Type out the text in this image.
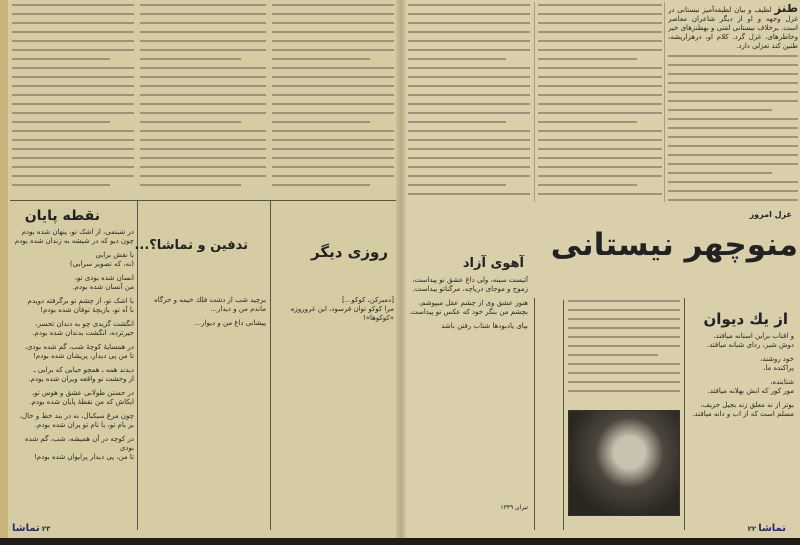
نقطه پایان
در شبتمی، از اشک تو، پنهان شده بودم
چون دیو که در شیشه به زندان شده بودم
با نقش برابی
(نه، که تصویر سرابی)
انسان شده بودی تو،
من آنسان شده بودم.
با اشک تو، از چشم تو برگرفته دویدم
با آه تو، بازیچهٔ توفان شده بودم!
انگشت گزیدی چو به دندان تحسر،
حیرتزده، انگشت بدندان شده بودم.
در همسایهٔ کوچهٔ شب، گم شده بودی،
تا من پی دیدار، پریشان شده بودم!
دیدند همه ـ همچو حبابی که برابی ـ
از وحشت تو واقعه ویران شده بودم.
در جستن طولانی عشق و هوس تو،
ایکاش که من نقطهٔ پایان شده بودم.
چون مرغ سبکبال، نه در بند خط و خال،
بر بام تو، با نام تو پران شده بودم.
در کوچه در آن همیشه، شب، گم شده بودی
تا من، پی دیدار پرایوان شده بودم!
تدفین و تماشا؟...
برچید شب از دشت فلك خیمه و خرگاه
ماندم من و دیدار...
پیشانی داغ من و دیوار...
روزی دیگر
[دمبرکن، کوکو...]
مرا کوکو توان فرسود، این غروروزه «کوکوها»!
۲۳تماشا

طنز لطیف و بیان لطیفه‌آمیز نیستانی در غزل وجهه و او از دیگر شاعران معاصر است. برخلاف نیستانی لفتی و بهطنزهای خیر وخاطرهای، غزل گرد. کلام او، درهزاریشه، طنین کند تعزلی دارد.

غزل امروز
منوچهر نیستانی
آهوی آزاد
آتیست سینه، ولی داغ عشق تو پیداست،
زموج و موجای دریاچه، مرگناتو پیداست.
هنوز عشق وی از چشم عقل میپوشم،
بچشم من بنگر خود که عکس تو پیداست.
بپای یادبودها شتاب رفتن باشد
تیران ۱۳۴۹
از یك دیوان
و افتاب براین استانه میافتد،
دوش شیر، ردای شبانه میافتد.
خود روشند،
پراکنده ما،
شتابنده،
مور کور که ابش بهلانه میافتد.
بوتر از نه معلق زند بجیل حریف،
مسلم است که از اب و دانه میافتد.
تماشا۲۲
